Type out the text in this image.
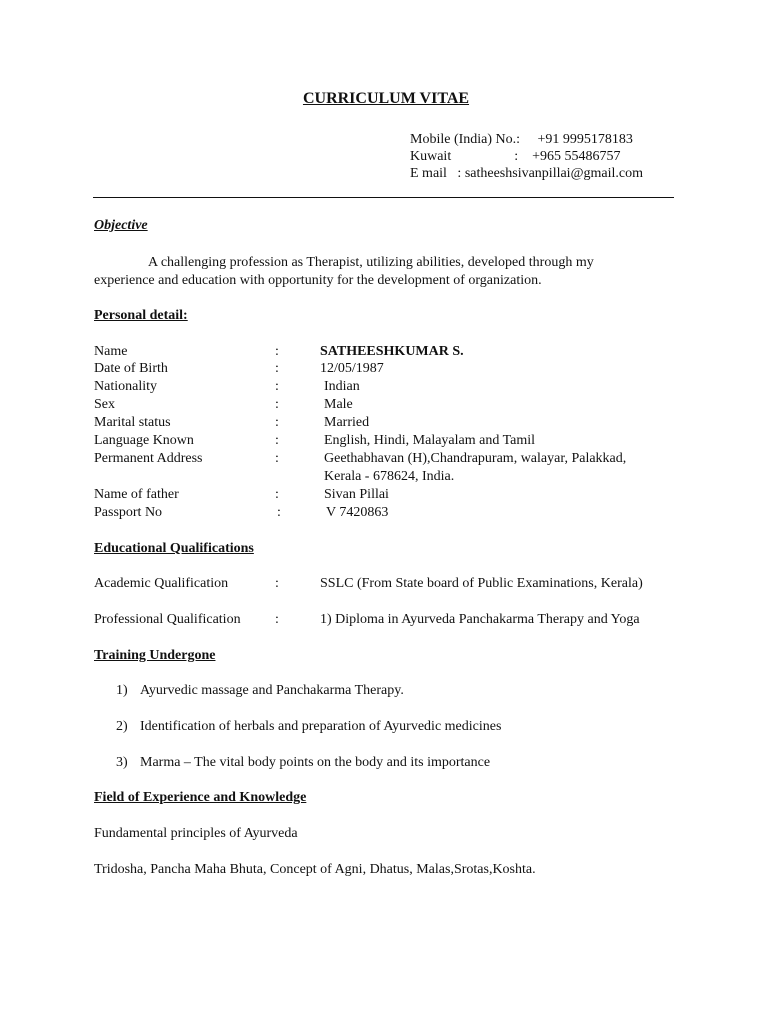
CURRICULUM VITAE
Mobile (India) No.:     +91 9995178183
Kuwait                  :    +965 55486757
E mail   : satheeshsivanpillai@gmail.com
Objective
A challenging profession as Therapist, utilizing abilities, developed through my
experience and education with opportunity for the development of organization.
Personal detail:
Name	:	SATHEESHKUMAR S.
Date of Birth	:	12/05/1987
Nationality	:	Indian
Sex	:	Male
Marital status	:	Married
Language Known	:	English, Hindi, Malayalam and Tamil
Permanent Address	:	Geethabhavan (H),Chandrapuram, walayar, Palakkad,
Kerala - 678624, India.
Name of father	:	Sivan Pillai
Passport No	:	V 7420863
Educational Qualifications
Academic Qualification	:	SSLC (From State board of Public Examinations, Kerala)
Professional Qualification :	1) Diploma in Ayurveda Panchakarma Therapy and Yoga
Training Undergone
1) Ayurvedic massage and Panchakarma Therapy.
2) Identification of herbals and preparation of Ayurvedic medicines
3) Marma – The vital body points on the body and its importance
Field of Experience and Knowledge
Fundamental principles of Ayurveda
Tridosha, Pancha Maha Bhuta, Concept of Agni, Dhatus, Malas,Srotas,Koshta.
